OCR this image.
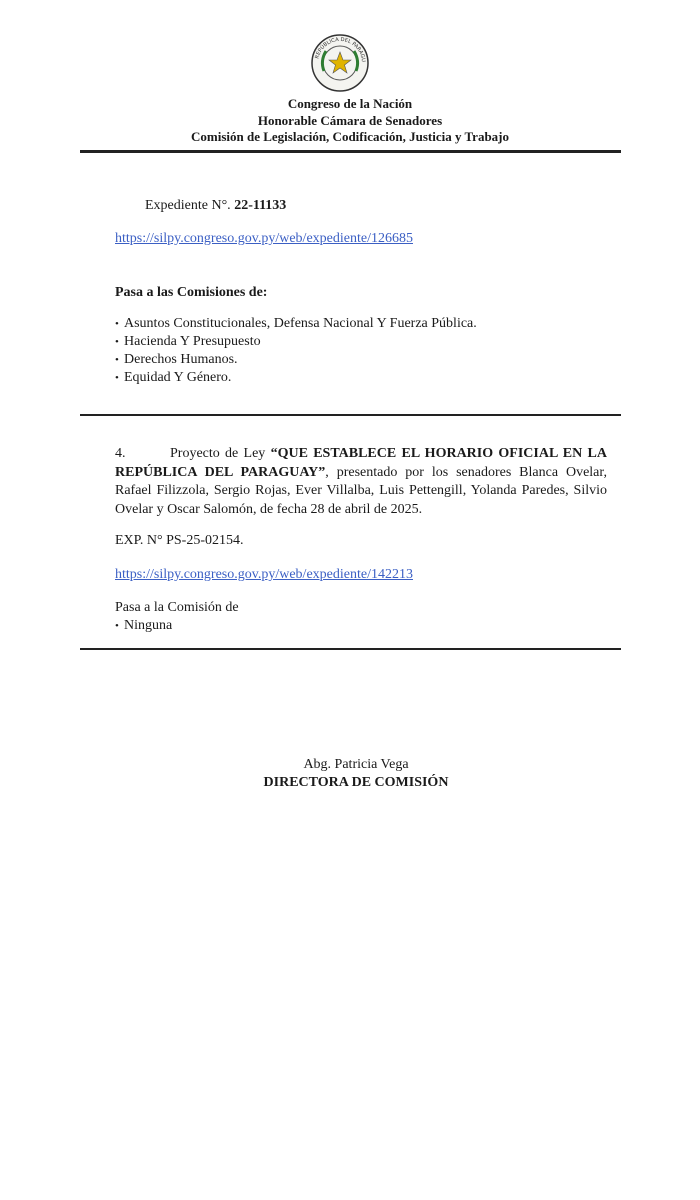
REPÚBLICA DEL PARAGU
Congreso de la Nación
Honorable Cámara de Senadores
Comisión de Legislación, Codificación, Justicia y Trabajo
Expediente N°. 22-11133
https://silpy.congreso.gov.py/web/expediente/126685
Pasa a las Comisiones de:
• Asuntos Constitucionales, Defensa Nacional Y Fuerza Pública.
• Hacienda Y Presupuesto
• Derechos Humanos.
• Equidad Y Género.
4.	Proyecto de Ley “QUE ESTABLECE EL HORARIO OFICIAL EN LA REPÚBLICA DEL PARAGUAY”, presentado por los senadores Blanca Ovelar, Rafael Filizzola, Sergio Rojas, Ever Villalba, Luis Pettengill, Yolanda Paredes, Silvio Ovelar y Oscar Salomón, de fecha 28 de abril de 2025.
EXP. N° PS-25-02154.
https://silpy.congreso.gov.py/web/expediente/142213
Pasa a la Comisión de
• Ninguna
Abg. Patricia Vega
DIRECTORA DE COMISIÓN
